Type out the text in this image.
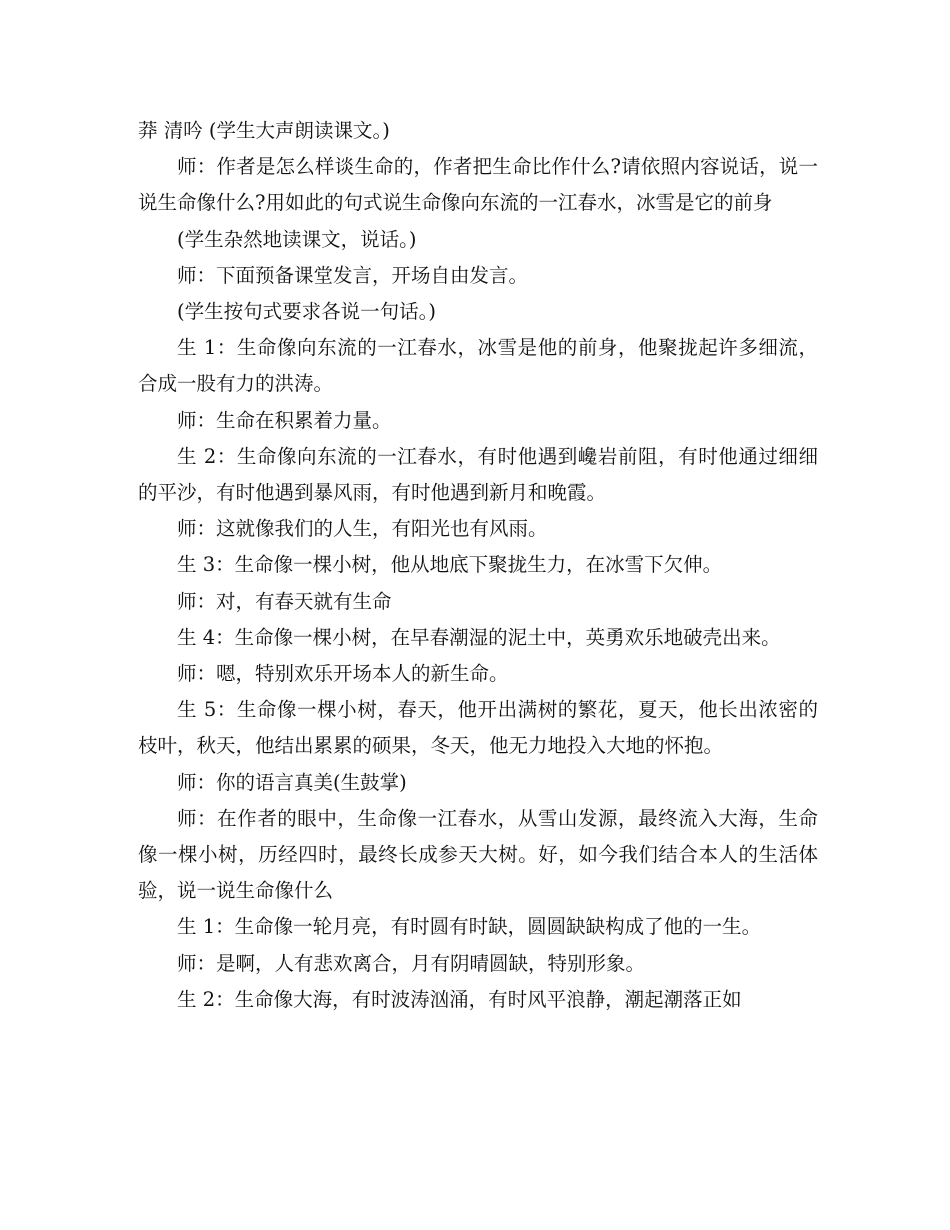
莽 清吟 (学生大声朗读课文。)

师：作者是怎么样谈生命的，作者把生命比作什么?请依照内容说话，说一说生命像什么?用如此的句式说生命像向东流的一江春水，冰雪是它的前身

(学生杂然地读课文，说话。)

师：下面预备课堂发言，开场自由发言。

(学生按句式要求各说一句话。)

生 1：生命像向东流的一江春水，冰雪是他的前身，他聚拢起许多细流，合成一股有力的洪涛。

师：生命在积累着力量。

生 2：生命像向东流的一江春水，有时他遇到巉岩前阻，有时他通过细细的平沙，有时他遇到暴风雨，有时他遇到新月和晚霞。

师：这就像我们的人生，有阳光也有风雨。

生 3：生命像一棵小树，他从地底下聚拢生力，在冰雪下欠伸。

师：对，有春天就有生命

生 4：生命像一棵小树，在早春潮湿的泥土中，英勇欢乐地破壳出来。

师：嗯，特别欢乐开场本人的新生命。

生 5：生命像一棵小树，春天，他开出满树的繁花，夏天，他长出浓密的枝叶，秋天，他结出累累的硕果，冬天，他无力地投入大地的怀抱。

师：你的语言真美(生鼓掌)

师：在作者的眼中，生命像一江春水，从雪山发源，最终流入大海，生命像一棵小树，历经四时，最终长成参天大树。好，如今我们结合本人的生活体验，说一说生命像什么

生 1：生命像一轮月亮，有时圆有时缺，圆圆缺缺构成了他的一生。

师：是啊，人有悲欢离合，月有阴晴圆缺，特别形象。

生 2：生命像大海，有时波涛汹涌，有时风平浪静，潮起潮落正如
